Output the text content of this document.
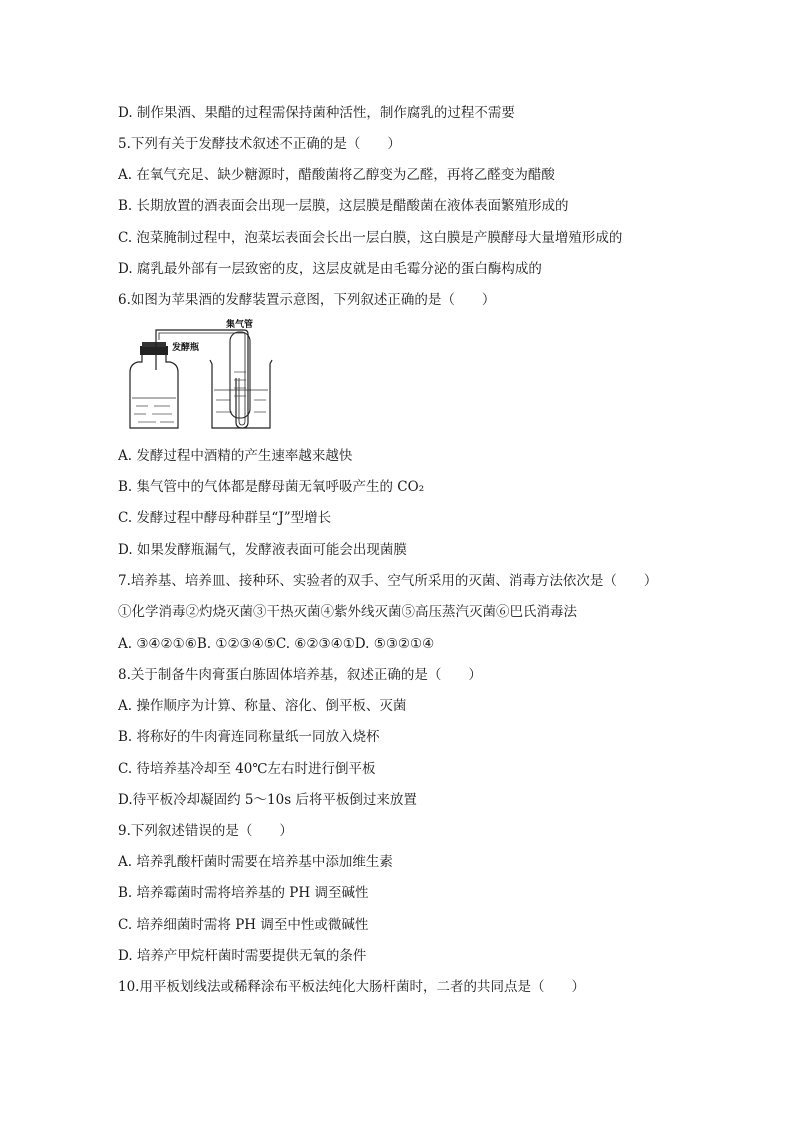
D. 制作果酒、果醋的过程需保持菌种活性，制作腐乳的过程不需要
5.下列有关于发酵技术叙述不正确的是（　　）
A. 在氧气充足、缺少糖源时，醋酸菌将乙醇变为乙醛，再将乙醛变为醋酸
B. 长期放置的酒表面会出现一层膜，这层膜是醋酸菌在液体表面繁殖形成的
C. 泡菜腌制过程中，泡菜坛表面会长出一层白膜，这白膜是产膜酵母大量增殖形成的
D. 腐乳最外部有一层致密的皮，这层皮就是由毛霉分泌的蛋白酶构成的
6.如图为苹果酒的发酵装置示意图，下列叙述正确的是（　　）
发酵瓶
集气管
A. 发酵过程中酒精的产生速率越来越快
B. 集气管中的气体都是酵母菌无氧呼吸产生的 CO₂
C. 发酵过程中酵母种群呈“J”型增长
D. 如果发酵瓶漏气，发酵液表面可能会出现菌膜
7.培养基、培养皿、接种环、实验者的双手、空气所采用的灭菌、消毒方法依次是（　　）
①化学消毒②灼烧灭菌③干热灭菌④紫外线灭菌⑤高压蒸汽灭菌⑥巴氏消毒法
A. ③④②①⑥B. ①②③④⑤C. ⑥②③④①D. ⑤③②①④
8.关于制备牛肉膏蛋白胨固体培养基，叙述正确的是（　　）
A. 操作顺序为计算、称量、溶化、倒平板、灭菌
B. 将称好的牛肉膏连同称量纸一同放入烧杯
C. 待培养基冷却至 40℃左右时进行倒平板
D.待平板冷却凝固约 5～10s 后将平板倒过来放置
9.下列叙述错误的是（　　）
A. 培养乳酸杆菌时需要在培养基中添加维生素
B. 培养霉菌时需将培养基的 PH 调至碱性
C. 培养细菌时需将 PH 调至中性或微碱性
D. 培养产甲烷杆菌时需要提供无氧的条件
10.用平板划线法或稀释涂布平板法纯化大肠杆菌时，二者的共同点是（　　）
